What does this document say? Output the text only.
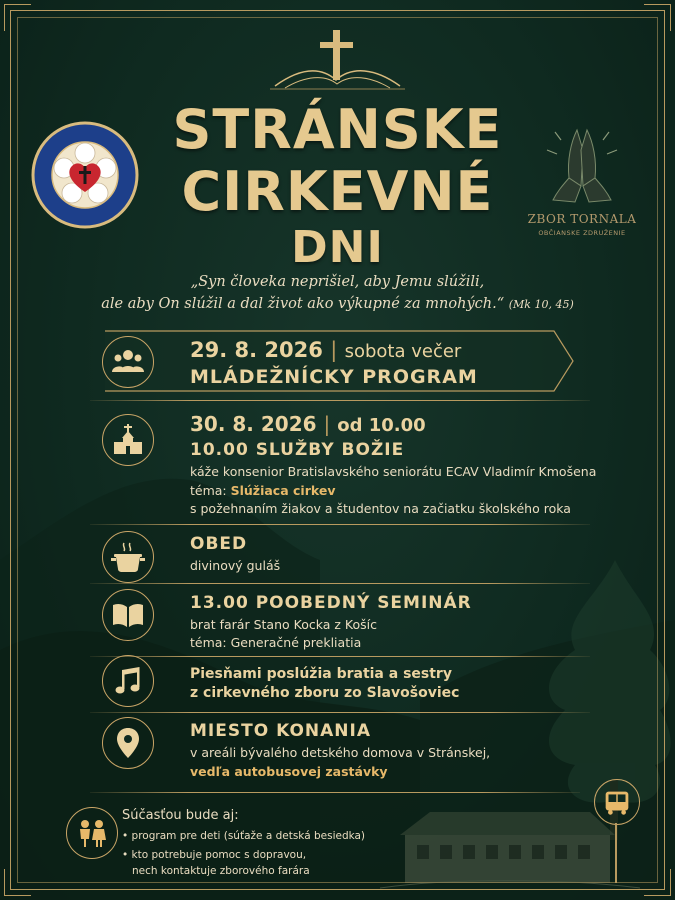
STRÁNSKE
CIRKEVNÉ
DNI
ZBOR TORNALA
OBČIANSKE ZDRUŽENIE
„Syn človeka neprišiel, aby Jemu slúžili,
ale aby On slúžil a dal život ako výkupné za mnohých.“ (Mk 10, 45)
29. 8. 2026 | sobota večer
MLÁDEŽNÍCKY PROGRAM
30. 8. 2026 | od 10.00
10.00 SLUŽBY BOŽIE
káže konsenior Bratislavského seniorátu ECAV Vladimír Kmošena
téma: Slúžiaca cirkev
s požehnaním žiakov a študentov na začiatku školského roka
OBED
divinový guláš
13.00 POOBEDNÝ SEMINÁR
brat farár Stano Kocka z Košíc
téma: Generačné prekliatia
Piesňami poslúžia bratia a sestry
z cirkevného zboru zo Slavošoviec
MIESTO KONANIA
v areáli bývalého detského domova v Stránskej,
vedľa autobusovej zastávky
Súčasťou bude aj:
• program pre deti (súťaže a detská besiedka)
• kto potrebuje pomoc s dopravou,
nech kontaktuje zborového farára
